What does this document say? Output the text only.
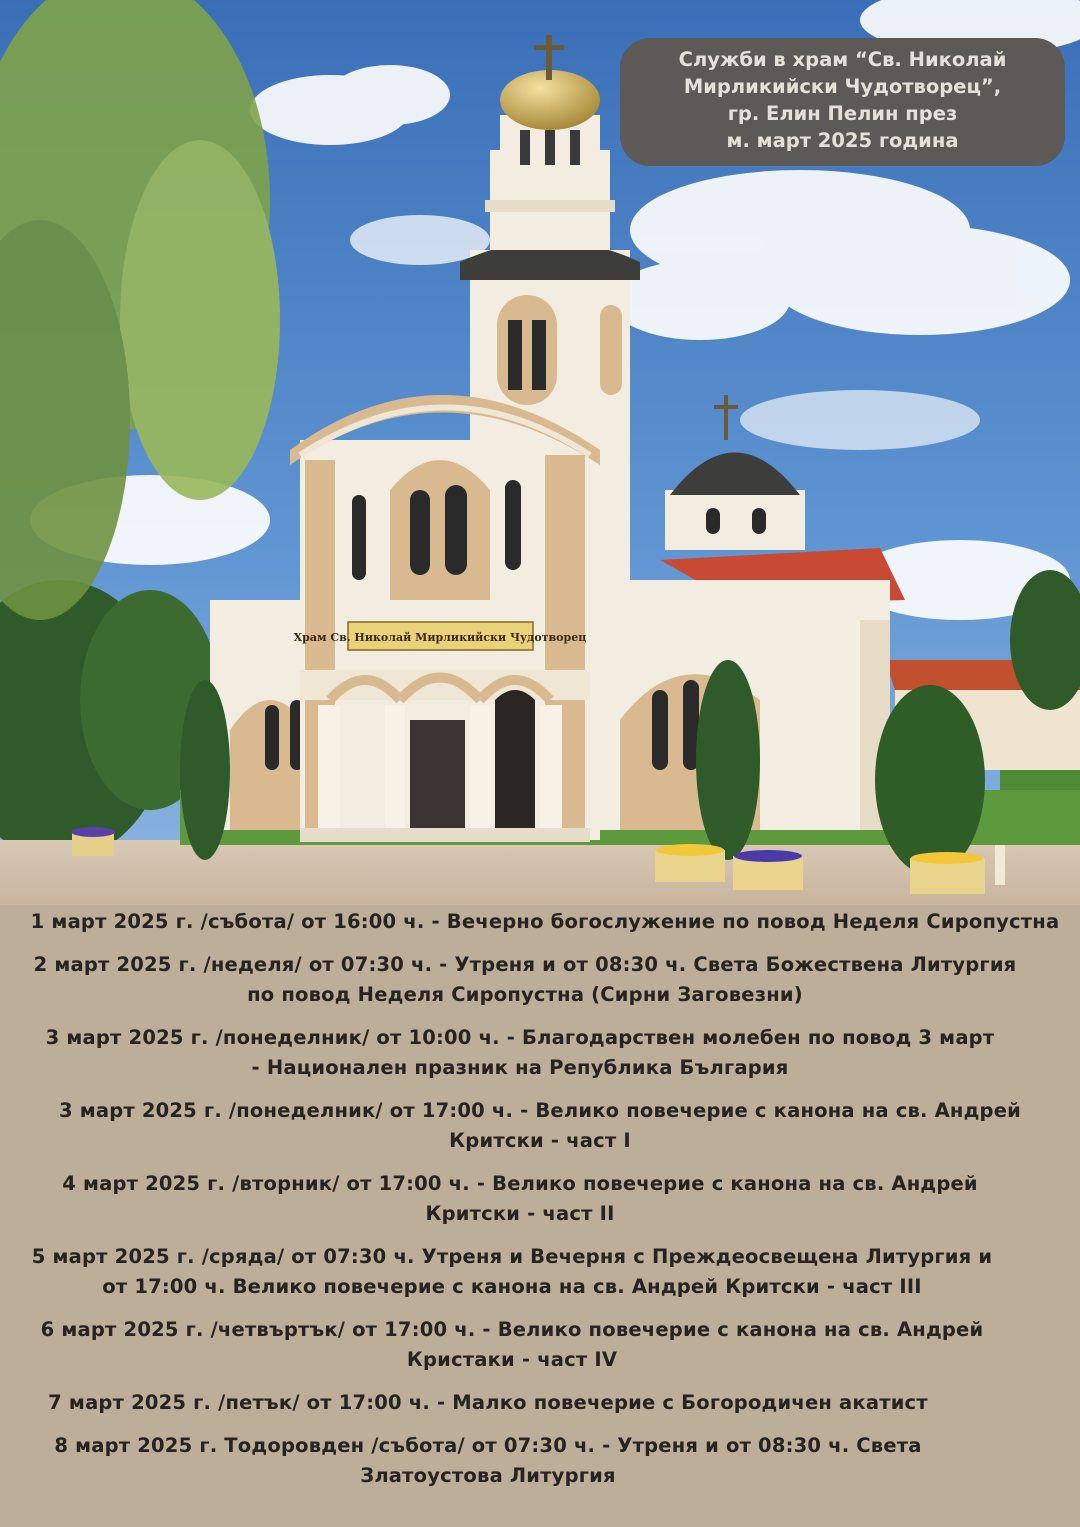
Храм Св. Николай Мирликийски Чудотворец
Служби в храм “Св. Николай
Мирликийски Чудотворец”,
гр. Елин Пелин през
м. март 2025 година
1 март 2025 г. /събота/ от 16:00 ч. - Вечерно богослужение по повод Неделя Сиропустна
2 март 2025 г. /неделя/ от 07:30 ч. - Утреня и от 08:30 ч. Света Божествена Литургия
по повод Неделя Сиропустна (Сирни Заговезни)
3 март 2025 г. /понеделник/ от 10:00 ч. - Благодарствен молебен по повод 3 март
- Национален празник на Република България
3 март 2025 г. /понеделник/ от 17:00 ч. - Велико повечерие с канона на св. Андрей
Критски - част I
4 март 2025 г. /вторник/ от 17:00 ч. - Велико повечерие с канона на св. Андрей
Критски - част II
5 март 2025 г. /сряда/ от 07:30 ч. Утреня и Вечерня с Преждеосвещена Литургия и
от 17:00 ч. Велико повечерие с канона на св. Андрей Критски - част III
6 март 2025 г. /четвъртък/ от 17:00 ч. - Велико повечерие с канона на св. Андрей
Кристаки - част IV
7 март 2025 г. /петък/ от 17:00 ч. - Малко повечерие с Богородичен акатист
8 март 2025 г. Тодоровден /събота/ от 07:30 ч. - Утреня и от 08:30 ч. Света
Златоустова Литургия
